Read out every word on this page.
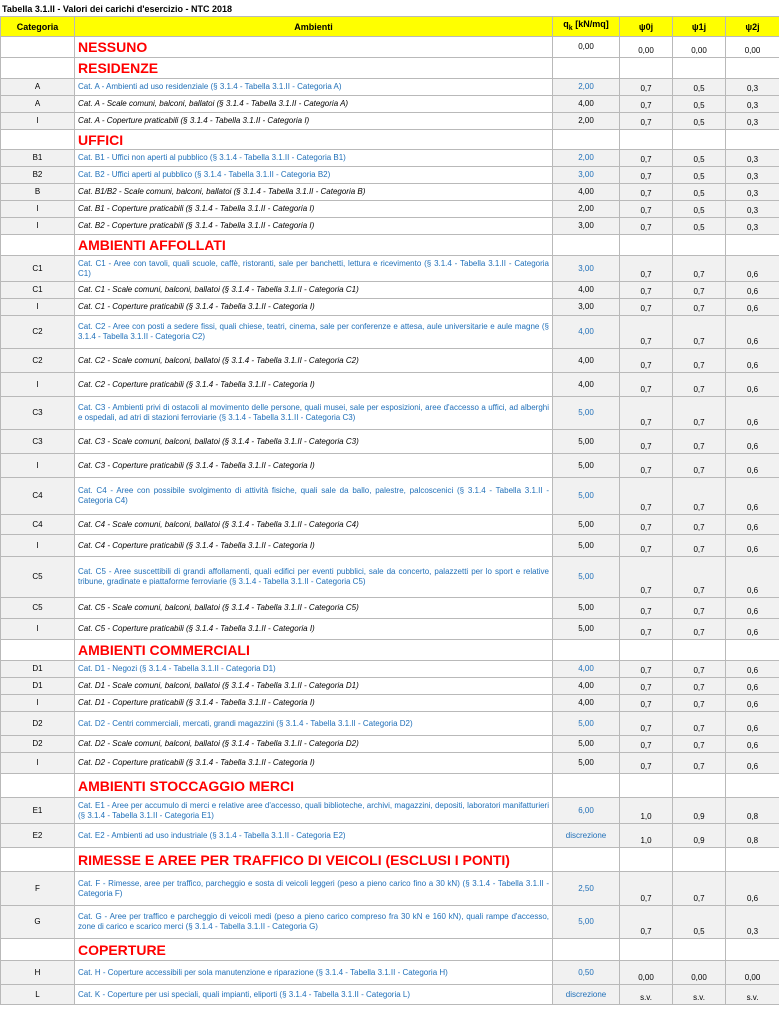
Tabella 3.1.II - Valori dei carichi d'esercizio - NTC 2018
Categoria	Ambienti	$q_k$ [kN/mq]	ψ0j	ψ1j	ψ2j
	NESSUNO	0,00	0,00	0,00	0,00
	RESIDENZE				
A	Cat. A - Ambienti ad uso residenziale (§ 3.1.4 - Tabella 3.1.II - Categoria A)	2,00	0,7	0,5	0,3
A	Cat. A - Scale comuni, balconi, ballatoi (§ 3.1.4 - Tabella 3.1.II - Categoria A)	4,00	0,7	0,5	0,3
I	Cat. A - Coperture praticabili (§ 3.1.4 - Tabella 3.1.II - Categoria I)	2,00	0,7	0,5	0,3
	UFFICI				
B1	Cat. B1 - Uffici non aperti al pubblico (§ 3.1.4 - Tabella 3.1.II - Categoria B1)	2,00	0,7	0,5	0,3
B2	Cat. B2 - Uffici aperti al pubblico (§ 3.1.4 - Tabella 3.1.II - Categoria B2)	3,00	0,7	0,5	0,3
B	Cat. B1/B2 - Scale comuni, balconi, ballatoi (§ 3.1.4 - Tabella 3.1.II - Categoria B)	4,00	0,7	0,5	0,3
I	Cat. B1 - Coperture praticabili (§ 3.1.4 - Tabella 3.1.II - Categoria I)	2,00	0,7	0,5	0,3
I	Cat. B2 - Coperture praticabili (§ 3.1.4 - Tabella 3.1.II - Categoria I)	3,00	0,7	0,5	0,3
	AMBIENTI AFFOLLATI				
C1	Cat. C1 - Aree con tavoli, quali scuole, caffè, ristoranti, sale per banchetti, lettura e ricevimento (§ 3.1.4 - Tabella 3.1.II - Categoria C1)	3,00	0,7	0,7	0,6
C1	Cat. C1 - Scale comuni, balconi, ballatoi (§ 3.1.4 - Tabella 3.1.II - Categoria C1)	4,00	0,7	0,7	0,6
I	Cat. C1 - Coperture praticabili (§ 3.1.4 - Tabella 3.1.II - Categoria I)	3,00	0,7	0,7	0,6
C2	Cat. C2 - Aree con posti a sedere fissi, quali chiese, teatri, cinema, sale per conferenze e attesa, aule universitarie e aule magne (§ 3.1.4 - Tabella 3.1.II - Categoria C2)	4,00	0,7	0,7	0,6
C2	Cat. C2 - Scale comuni, balconi, ballatoi (§ 3.1.4 - Tabella 3.1.II - Categoria C2)	4,00	0,7	0,7	0,6
I	Cat. C2 - Coperture praticabili (§ 3.1.4 - Tabella 3.1.II - Categoria I)	4,00	0,7	0,7	0,6
C3	Cat. C3 - Ambienti privi di ostacoli al movimento delle persone, quali musei, sale per esposizioni, aree d'accesso a uffici, ad alberghi e ospedali, ad atri di stazioni ferroviarie (§ 3.1.4 - Tabella 3.1.II - Categoria C3)	5,00	0,7	0,7	0,6
C3	Cat. C3 - Scale comuni, balconi, ballatoi (§ 3.1.4 - Tabella 3.1.II - Categoria C3)	5,00	0,7	0,7	0,6
I	Cat. C3 - Coperture praticabili (§ 3.1.4 - Tabella 3.1.II - Categoria I)	5,00	0,7	0,7	0,6
C4	Cat. C4 - Aree con possibile svolgimento di attività fisiche, quali sale da ballo, palestre, palcoscenici (§ 3.1.4 - Tabella 3.1.II - Categoria C4)	5,00	0,7	0,7	0,6
C4	Cat. C4 - Scale comuni, balconi, ballatoi (§ 3.1.4 - Tabella 3.1.II - Categoria C4)	5,00	0,7	0,7	0,6
I	Cat. C4 - Coperture praticabili (§ 3.1.4 - Tabella 3.1.II - Categoria I)	5,00	0,7	0,7	0,6
C5	Cat. C5 - Aree suscettibili di grandi affollamenti, quali edifici per eventi pubblici, sale da concerto, palazzetti per lo sport e relative tribune, gradinate e piattaforme ferroviarie (§ 3.1.4 - Tabella 3.1.II - Categoria C5)	5,00	0,7	0,7	0,6
C5	Cat. C5 - Scale comuni, balconi, ballatoi (§ 3.1.4 - Tabella 3.1.II - Categoria C5)	5,00	0,7	0,7	0,6
I	Cat. C5 - Coperture praticabili (§ 3.1.4 - Tabella 3.1.II - Categoria I)	5,00	0,7	0,7	0,6
	AMBIENTI COMMERCIALI				
D1	Cat. D1 - Negozi (§ 3.1.4 - Tabella 3.1.II - Categoria D1)	4,00	0,7	0,7	0,6
D1	Cat. D1 - Scale comuni, balconi, ballatoi (§ 3.1.4 - Tabella 3.1.II - Categoria D1)	4,00	0,7	0,7	0,6
I	Cat. D1 - Coperture praticabili (§ 3.1.4 - Tabella 3.1.II - Categoria I)	4,00	0,7	0,7	0,6
D2	Cat. D2 - Centri commerciali, mercati, grandi magazzini (§ 3.1.4 - Tabella 3.1.II - Categoria D2)	5,00	0,7	0,7	0,6
D2	Cat. D2 - Scale comuni, balconi, ballatoi (§ 3.1.4 - Tabella 3.1.II - Categoria D2)	5,00	0,7	0,7	0,6
I	Cat. D2 - Coperture praticabili (§ 3.1.4 - Tabella 3.1.II - Categoria I)	5,00	0,7	0,7	0,6
	AMBIENTI STOCCAGGIO MERCI				
E1	Cat. E1 - Aree per accumulo di merci e relative aree d'accesso, quali biblioteche, archivi, magazzini, depositi, laboratori manifatturieri (§ 3.1.4 - Tabella 3.1.II - Categoria E1)	6,00	1,0	0,9	0,8
E2	Cat. E2 - Ambienti ad uso industriale (§ 3.1.4 - Tabella 3.1.II - Categoria E2)	discrezione	1,0	0,9	0,8
	RIMESSE E AREE PER TRAFFICO DI VEICOLI (ESCLUSI I PONTI)				
F	Cat. F - Rimesse, aree per traffico, parcheggio e sosta di veicoli leggeri (peso a pieno carico fino a 30 kN) (§ 3.1.4 - Tabella 3.1.II - Categoria F)	2,50	0,7	0,7	0,6
G	Cat. G - Aree per traffico e parcheggio di veicoli medi (peso a pieno carico compreso fra 30 kN e 160 kN), quali rampe d'accesso, zone di carico e scarico merci (§ 3.1.4 - Tabella 3.1.II - Categoria G)	5,00	0,7	0,5	0,3
	COPERTURE				
H	Cat. H - Coperture accessibili per sola manutenzione e riparazione (§ 3.1.4 - Tabella 3.1.II - Categoria H)	0,50	0,00	0,00	0,00
L	Cat. K - Coperture per usi speciali, quali impianti, eliporti (§ 3.1.4 - Tabella 3.1.II - Categoria L)	discrezione	s.v.	s.v.	s.v.
